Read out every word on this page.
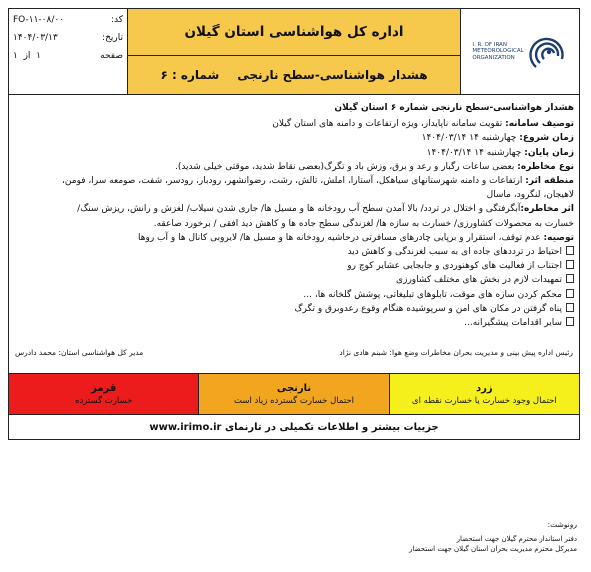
I. R. OF IRAN
METEOROLOGICAL
ORGANIZATION
اداره کل هواشناسی استان گیلان
هشدار هواشناسی-سطح نارنجی
شماره : ۶
کد:
FO-۱۱-۰۸/۰۰
تاریخ:
۱۴۰۴/۰۳/۱۳
صفحه
۱  از  ۱
هشدار هواشناسی-سطح نارنجی شماره ۶ استان گیلان
توصیف سامانه: تقویت سامانه ناپایدار، ویژه ارتفاعات و دامنه های استان گیلان
زمان شروع: چهارشنبه ۱۴ ۱۴۰۴/۰۳/۱۴
زمان پایان: چهارشنبه ۱۴ ۱۴۰۴/۰۳/۱۴
نوع مخاطره: بعضی ساعات رگبار و رعد و برق، وزش باد و تگرگ(بعضی نقاط شدید، موقتی خیلی شدید).
منطقه اثر: ارتفاعات و دامنه شهرستانهای سیاهکل، آستارا، املش، تالش، رشت، رضوانشهر، رودبار، رودسر، شفت، صومعه سرا، فومن،
لاهیجان، لنگرود، ماسال
اثر مخاطره:آبگرفتگی و اختلال در تردد/ بالا آمدن سطح آب رودخانه ها و مسیل ها/ جاری شدن سیلاب/ لغزش و رانش، ریزش سنگ/
خسارت به محصولات کشاورزی/ خسارت به سازه ها/ لغزندگی سطح جاده ها و کاهش دید افقی / برخورد صاعقه.
توصیه: عدم توقف، استقرار و برپایی چادرهای مسافرتی درحاشیه رودخانه ها و مسیل ها/ لایروبی کانال ها و آب روها
احتیاط در ترددهای جاده ای به سبب لغزندگی و کاهش دید
اجتناب از فعالیت های کوهنوردی و جابجایی عشایر کوچ رو
تمهیدات لازم در بخش های مختلف کشاورزی
محکم کردن سازه های موقت، تابلوهای تبلیغاتی، پوشش گلخانه ها، ...
پناه گرفتن در مکان های امن و سرپوشیده هنگام وقوع رعدوبرق و تگرگ
سایر اقدامات پیشگیرانه...
رئیس اداره پیش بینی و مدیریت بحران مخاطرات وضع هوا: شبنم هادی نژاد
مدیر کل هواشناسی استان: محمد دادرس
زرد
احتمال وجود خسارت یا خسارت نقطه ای
نارنجی
احتمال خسارت گسترده زیاد است
قرمز
خسارت گسترده
جزییات بیشتر و اطلاعات تکمیلی در تارنمای

www.irimo.ir
رونوشت:
دفتر استاندار محترم گیلان جهت استحضار
مدیرکل محترم مدیریت بحران استان گیلان جهت استحضار
